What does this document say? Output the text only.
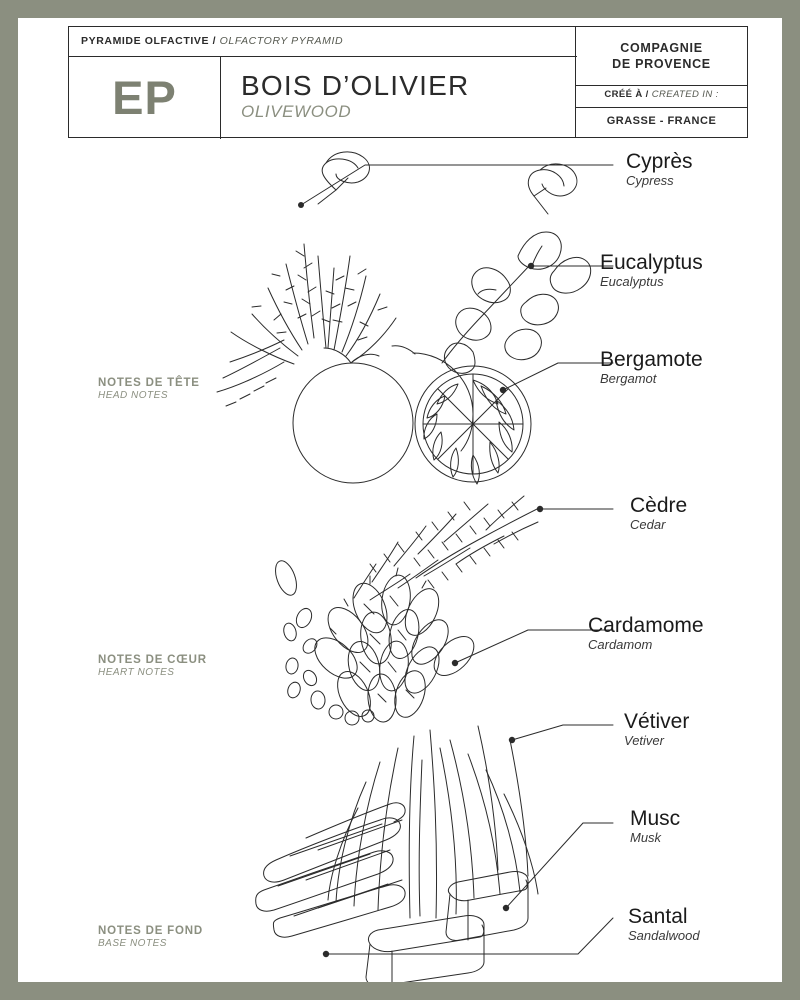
PYRAMIDE OLFACTIVE / OLFACTORY PYRAMID
EP BOIS D’OLIVIER
OLIVEWOOD
COMPAGNIE
DE PROVENCE
CRÉÉ À / CREATED IN :
GRASSE - FRANCE
NOTES DE TÊTE
HEAD NOTES
NOTES DE CŒUR
HEART NOTES
NOTES DE FOND
BASE NOTES
Cyprès
Cypress
Eucalyptus
Eucalyptus
Bergamote
Bergamot
Cèdre
Cedar
Cardamome
Cardamom
Vétiver
Vetiver
Musc
Musk
Santal
Sandalwood
